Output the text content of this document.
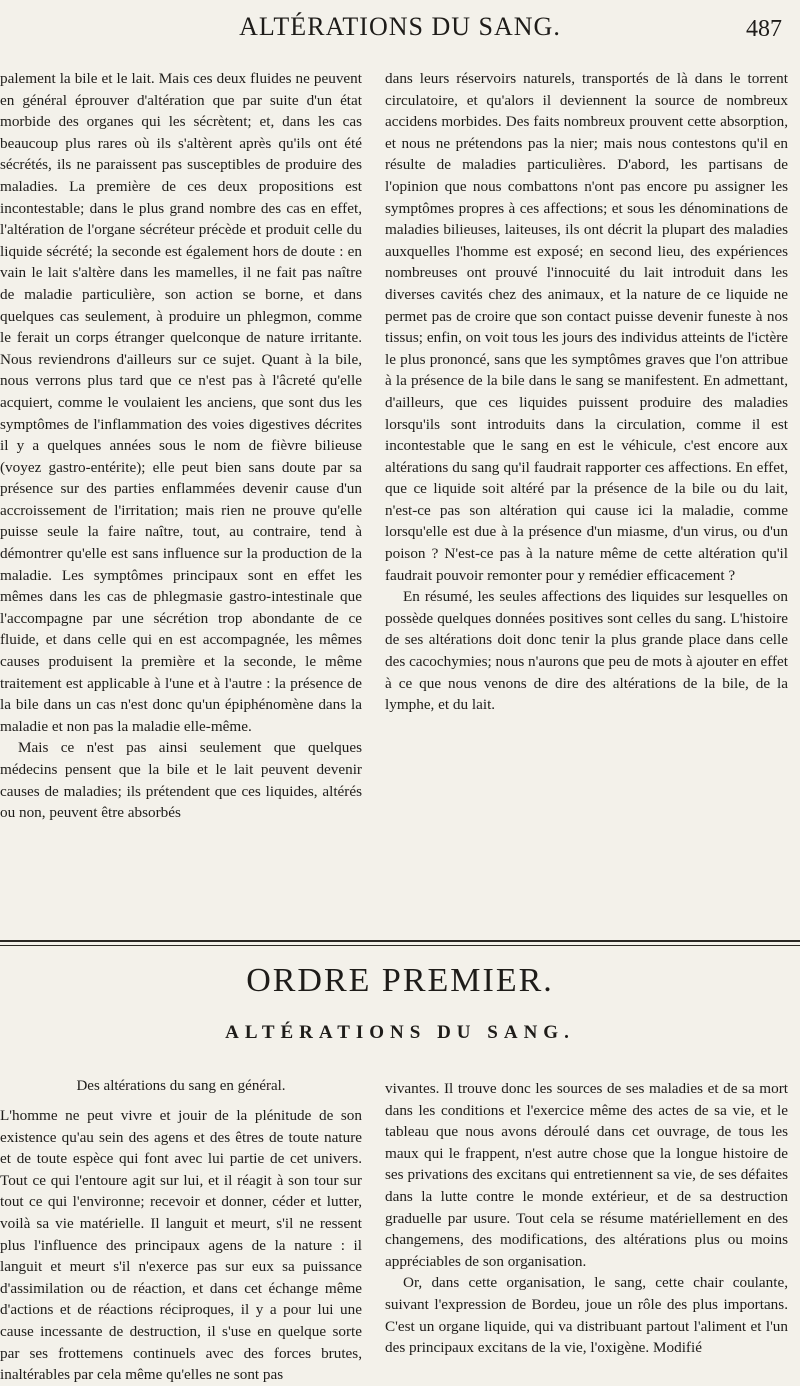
ALTÉRATIONS DU SANG.	487

palement la bile et le lait. Mais ces deux fluides ne peuvent en général éprouver d'altération que par suite d'un état morbide des organes qui les sécrètent; et, dans les cas beaucoup plus rares où ils s'altèrent après qu'ils ont été sécrétés, ils ne paraissent pas susceptibles de produire des maladies. La première de ces deux propositions est incontestable; dans le plus grand nombre des cas en effet, l'altération de l'organe sécréteur précède et produit celle du liquide sécrété; la seconde est également hors de doute : en vain le lait s'altère dans les mamelles, il ne fait pas naître de maladie particulière, son action se borne, et dans quelques cas seulement, à produire un phlegmon, comme le ferait un corps étranger quelconque de nature irritante. Nous reviendrons d'ailleurs sur ce sujet. Quant à la bile, nous verrons plus tard que ce n'est pas à l'âcreté qu'elle acquiert, comme le voulaient les anciens, que sont dus les symptômes de l'inflammation des voies digestives décrites il y a quelques années sous le nom de fièvre bilieuse (voyez gastro-entérite); elle peut bien sans doute par sa présence sur des parties enflammées devenir cause d'un accroissement de l'irritation; mais rien ne prouve qu'elle puisse seule la faire naître, tout, au contraire, tend à démontrer qu'elle est sans influence sur la production de la maladie. Les symptômes principaux sont en effet les mêmes dans les cas de phlegmasie gastro-intestinale que l'accompagne par une sécrétion trop abondante de ce fluide, et dans celle qui en est accompagnée, les mêmes causes produisent la première et la seconde, le même traitement est applicable à l'une et à l'autre : la présence de la bile dans un cas n'est donc qu'un épiphénomène dans la maladie et non pas la maladie elle-même.

Mais ce n'est pas ainsi seulement que quelques médecins pensent que la bile et le lait peuvent devenir causes de maladies; ils prétendent que ces liquides, altérés ou non, peuvent être absorbés

dans leurs réservoirs naturels, transportés de là dans le torrent circulatoire, et qu'alors il deviennent la source de nombreux accidens morbides. Des faits nombreux prouvent cette absorption, et nous ne prétendons pas la nier; mais nous contestons qu'il en résulte de maladies particulières. D'abord, les partisans de l'opinion que nous combattons n'ont pas encore pu assigner les symptômes propres à ces affections; et sous les dénominations de maladies bilieuses, laiteuses, ils ont décrit la plupart des maladies auxquelles l'homme est exposé; en second lieu, des expériences nombreuses ont prouvé l'innocuité du lait introduit dans les diverses cavités chez des animaux, et la nature de ce liquide ne permet pas de croire que son contact puisse devenir funeste à nos tissus; enfin, on voit tous les jours des individus atteints de l'ictère le plus prononcé, sans que les symptômes graves que l'on attribue à la présence de la bile dans le sang se manifestent. En admettant, d'ailleurs, que ces liquides puissent produire des maladies lorsqu'ils sont introduits dans la circulation, comme il est incontestable que le sang en est le véhicule, c'est encore aux altérations du sang qu'il faudrait rapporter ces affections. En effet, que ce liquide soit altéré par la présence de la bile ou du lait, n'est-ce pas son altération qui cause ici la maladie, comme lorsqu'elle est due à la présence d'un miasme, d'un virus, ou d'un poison ? N'est-ce pas à la nature même de cette altération qu'il faudrait pouvoir remonter pour y remédier efficacement ?

En résumé, les seules affections des liquides sur lesquelles on possède quelques données positives sont celles du sang. L'histoire de ses altérations doit donc tenir la plus grande place dans celle des cacochymies; nous n'aurons que peu de mots à ajouter en effet à ce que nous venons de dire des altérations de la bile, de la lymphe, et du lait.

ORDRE PREMIER.
ALTÉRATIONS DU SANG.
Des altérations du sang en général.

L'homme ne peut vivre et jouir de la plénitude de son existence qu'au sein des agens et des êtres de toute nature et de toute espèce qui font avec lui partie de cet univers. Tout ce qui l'entoure agit sur lui, et il réagit à son tour sur tout ce qui l'environne; recevoir et donner, céder et lutter, voilà sa vie matérielle. Il languit et meurt, s'il ne ressent plus l'influence des principaux agens de la nature : il languit et meurt s'il n'exerce pas sur eux sa puissance d'assimilation ou de réaction, et dans cet échange même d'actions et de réactions réciproques, il y a pour lui une cause incessante de destruction, il s'use en quelque sorte par ses frottemens continuels avec des forces brutes, inaltérables par cela même qu'elles ne sont pas

vivantes. Il trouve donc les sources de ses maladies et de sa mort dans les conditions et l'exercice même des actes de sa vie, et le tableau que nous avons déroulé dans cet ouvrage, de tous les maux qui le frappent, n'est autre chose que la longue histoire de ses privations des excitans qui entretiennent sa vie, de ses défaites dans la lutte contre le monde extérieur, et de sa destruction graduelle par usure. Tout cela se résume matériellement en des changemens, des modifications, des altérations plus ou moins appréciables de son organisation.

Or, dans cette organisation, le sang, cette chair coulante, suivant l'expression de Bordeu, joue un rôle des plus importans. C'est un organe liquide, qui va distribuant partout l'aliment et l'un des principaux excitans de la vie, l'oxigène. Modifié
